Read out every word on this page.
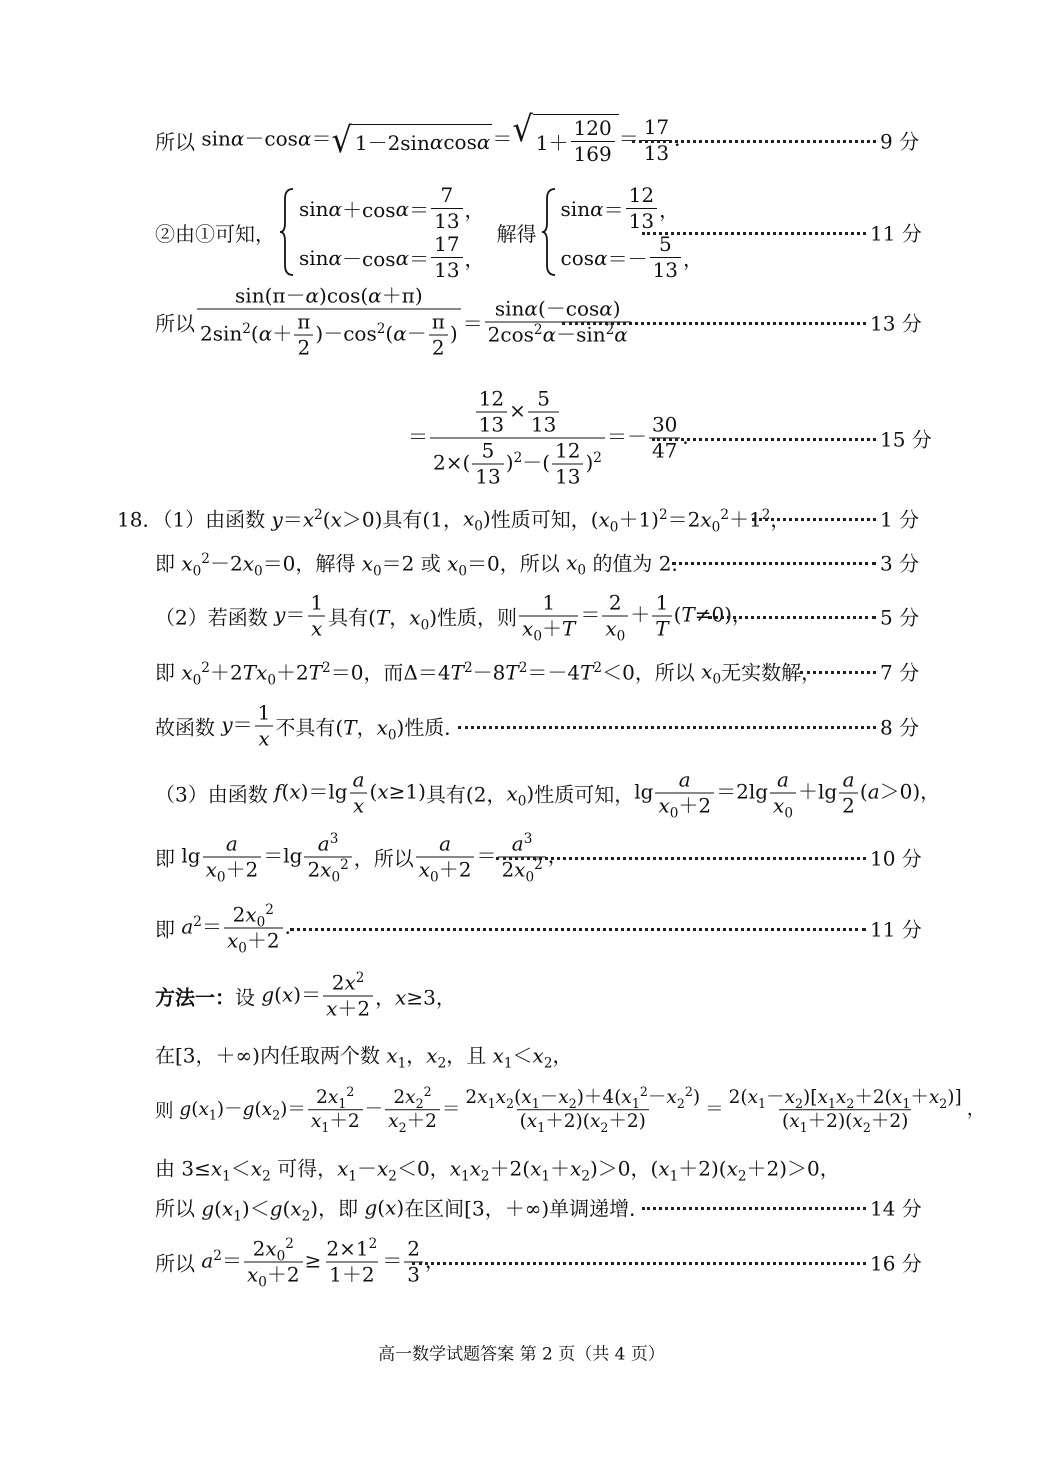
所以 sinα－cosα＝ √ 1－2sin α cos α ＝ √ $1+ \frac{120}{169} = \frac{17}{13}$ ．	9 分
②由①可知，
sin α ＋cos $\alpha = \frac{7}{13}$ ，
sin α －cos $\alpha = \frac{17}{13}$ ，
解得
$\sin \alpha = \frac{12}{13}$ ，
$\cos \alpha =- \frac{5}{13}$ ，
11 分
所以 $\frac{\sin(\pi-\alpha)\cos(\alpha+\pi)}{2\sin^2(\alpha+ \frac{\pi}{2} )-\cos^2(\alpha- \frac{\pi}{2} )} = \frac{\sin\alpha(-\cos\alpha)}{2\cos^2\alpha-\sin^2\alpha}$	13 分
＝ $\frac{\frac{12}{13} \times \frac{5}{13}}{2\times( \frac{5}{13} )^2-( \frac{12}{13} )^2} =- \frac{30}{47}$ ．	15 分
18．（1）由函数 $y=x^2(x>0)$ 具有(1， $x_0$) 性质可知， $(x_0+1)^2=2x_0^2+1^2$，	1 分
即 $x_0^2-2x_0=0$ ，解得 $x_0=2$ 或 $x_0=0$ ，所以 $x_0$ 的值为 2．	3 分
（2）若函数 $y= \frac{1}{x}$ 具有( T，$x_0$) 性质，则 $\frac{1}{x_0+T} = \frac{2}{x_0} + \frac{1}{T} (T\ne 0)$，	5 分
即 $x_0^2+2Tx_0+2T^2=0$ ，而 $\Delta=4T^2-8T^2=-4T^2<0$ ，所以 $x_0$ 无实数解，	7 分
故函数 $y= \frac{1}{x}$ 不具有( T，$x_0$) 性质．	8 分
（3）由函数 $f(x)=\lg \frac{a}{x} (x\ge 1)$ 具有(2， $x_0$) 性质可知， $\lg \frac{a}{x_0+2} =2\lg \frac{a}{x_0} +\lg \frac{a}{2} (a>0)$，
即 $\lg \frac{a}{x_0+2} =\lg \frac{a^3}{2x_0^2}$ ，所以 $\frac{a}{x_0+2} = \frac{a^3}{2x_0^2}$ ，	10 分
即 $a^2= \frac{2x_0^2}{x_0+2}$ ．	11 分
方法一： 设 $g(x)= \frac{2x^2}{x+2}$ ， x≥3，
在[3，＋∞)内任取两个数 $x_1$，$x_2$ ，且 $x_1<x_2$，
则 $g(x_1)-g(x_2)= \frac{2x_1^2}{x_1+2} - \frac{2x_2^2}{x_2+2} = \frac{2x_1x_2(x_1-x_2)+4(x_1^2-x_2^2)}{(x_1+2)(x_2+2)} = \frac{2(x_1-x_2)[x_1x_2+2(x_1+x_2)]}{(x_1+2)(x_2+2)}$ ，
由 $3\le x_1<x_2$ 可得， $x_1-x_2<0$，$x_1x_2+2(x_1+x_2)>0$，$(x_1+2)(x_2+2)>0$，
所以 $g(x_1)<g(x_2)$ ，即 g(x) 在区间[3，＋∞)单调递增．	14 分
所以 $a^2= \frac{2x_0^2}{x_0+2} \ge \frac{2\times 1^2}{1+2} = \frac{2}{3}$ ，	16 分
高一数学试题答案 第 2 页（共 4 页）
